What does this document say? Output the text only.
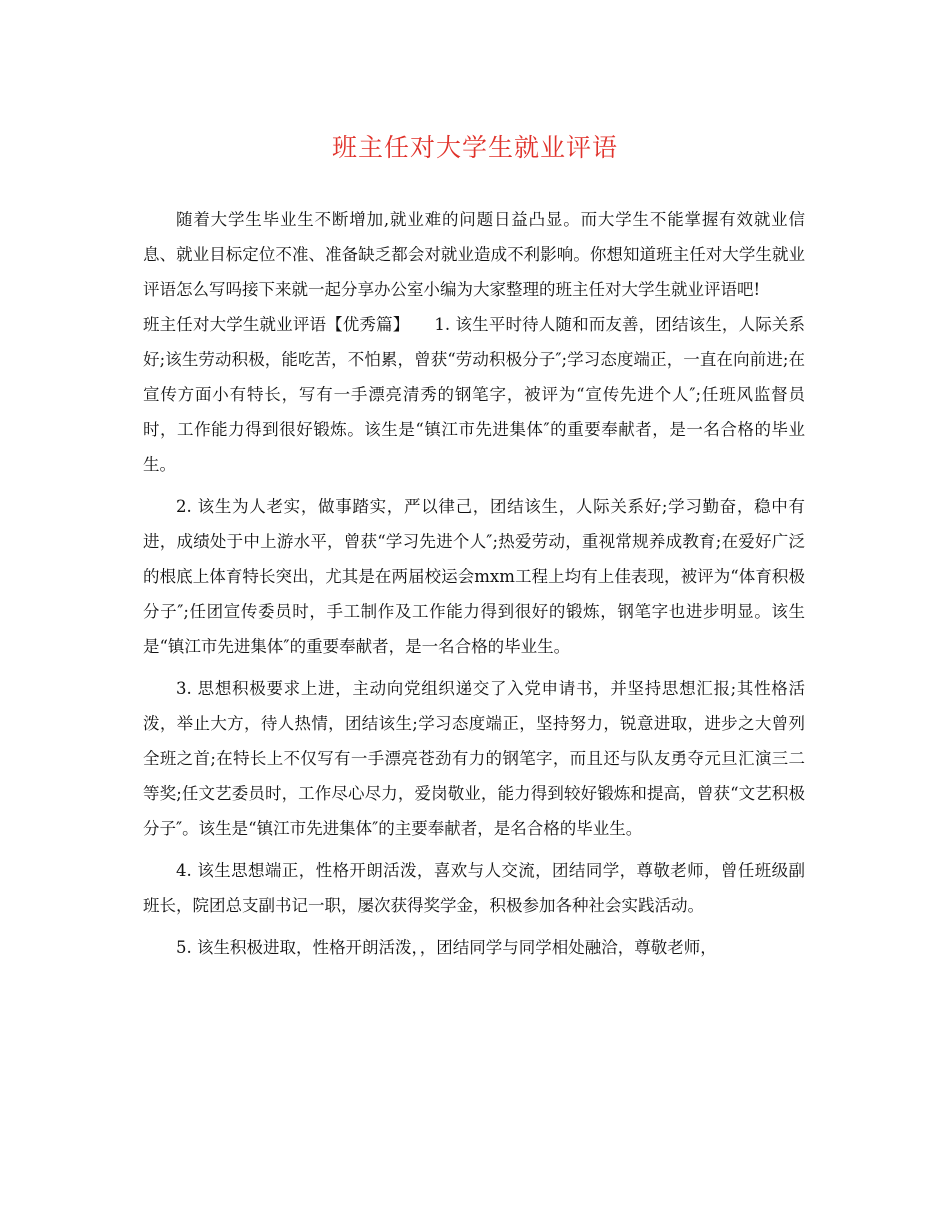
班主任对大学生就业评语

随着大学生毕业生不断增加,就业难的问题日益凸显。而大学生不能掌握有效就业信息、就业目标定位不准、准备缺乏都会对就业造成不利影响。你想知道班主任对大学生就业评语怎么写吗接下来就一起分享办公室小编为大家整理的班主任对大学生就业评语吧!

班主任对大学生就业评语【优秀篇】　　1. 该生平时待人随和而友善，团结该生，人际关系好;该生劳动积极，能吃苦，不怕累，曾获“劳动积极分子″;学习态度端正，一直在向前进;在宣传方面小有特长，写有一手漂亮清秀的钢笔字，被评为“宣传先进个人″;任班风监督员时，工作能力得到很好锻炼。该生是“镇江市先进集体″的重要奉献者，是一名合格的毕业生。

2. 该生为人老实，做事踏实，严以律己，团结该生，人际关系好;学习勤奋，稳中有进，成绩处于中上游水平，曾获“学习先进个人″;热爱劳动，重视常规养成教育;在爱好广泛的根底上体育特长突出，尤其是在两届校运会mxm工程上均有上佳表现，被评为“体育积极分子″;任团宣传委员时，手工制作及工作能力得到很好的锻炼，钢笔字也进步明显。该生是“镇江市先进集体″的重要奉献者，是一名合格的毕业生。

3. 思想积极要求上进，主动向党组织递交了入党申请书，并坚持思想汇报;其性格活泼，举止大方，待人热情，团结该生;学习态度端正，坚持努力，锐意进取，进步之大曾列全班之首;在特长上不仅写有一手漂亮苍劲有力的钢笔字，而且还与队友勇夺元旦汇演三二等奖;任文艺委员时，工作尽心尽力，爱岗敬业，能力得到较好锻炼和提高，曾获“文艺积极分子″。该生是“镇江市先进集体″的主要奉献者，是名合格的毕业生。

4. 该生思想端正，性格开朗活泼，喜欢与人交流，团结同学，尊敬老师，曾任班级副班长，院团总支副书记一职，屡次获得奖学金，积极参加各种社会实践活动。

5. 该生积极进取，性格开朗活泼，，团结同学与同学相处融洽，尊敬老师，
